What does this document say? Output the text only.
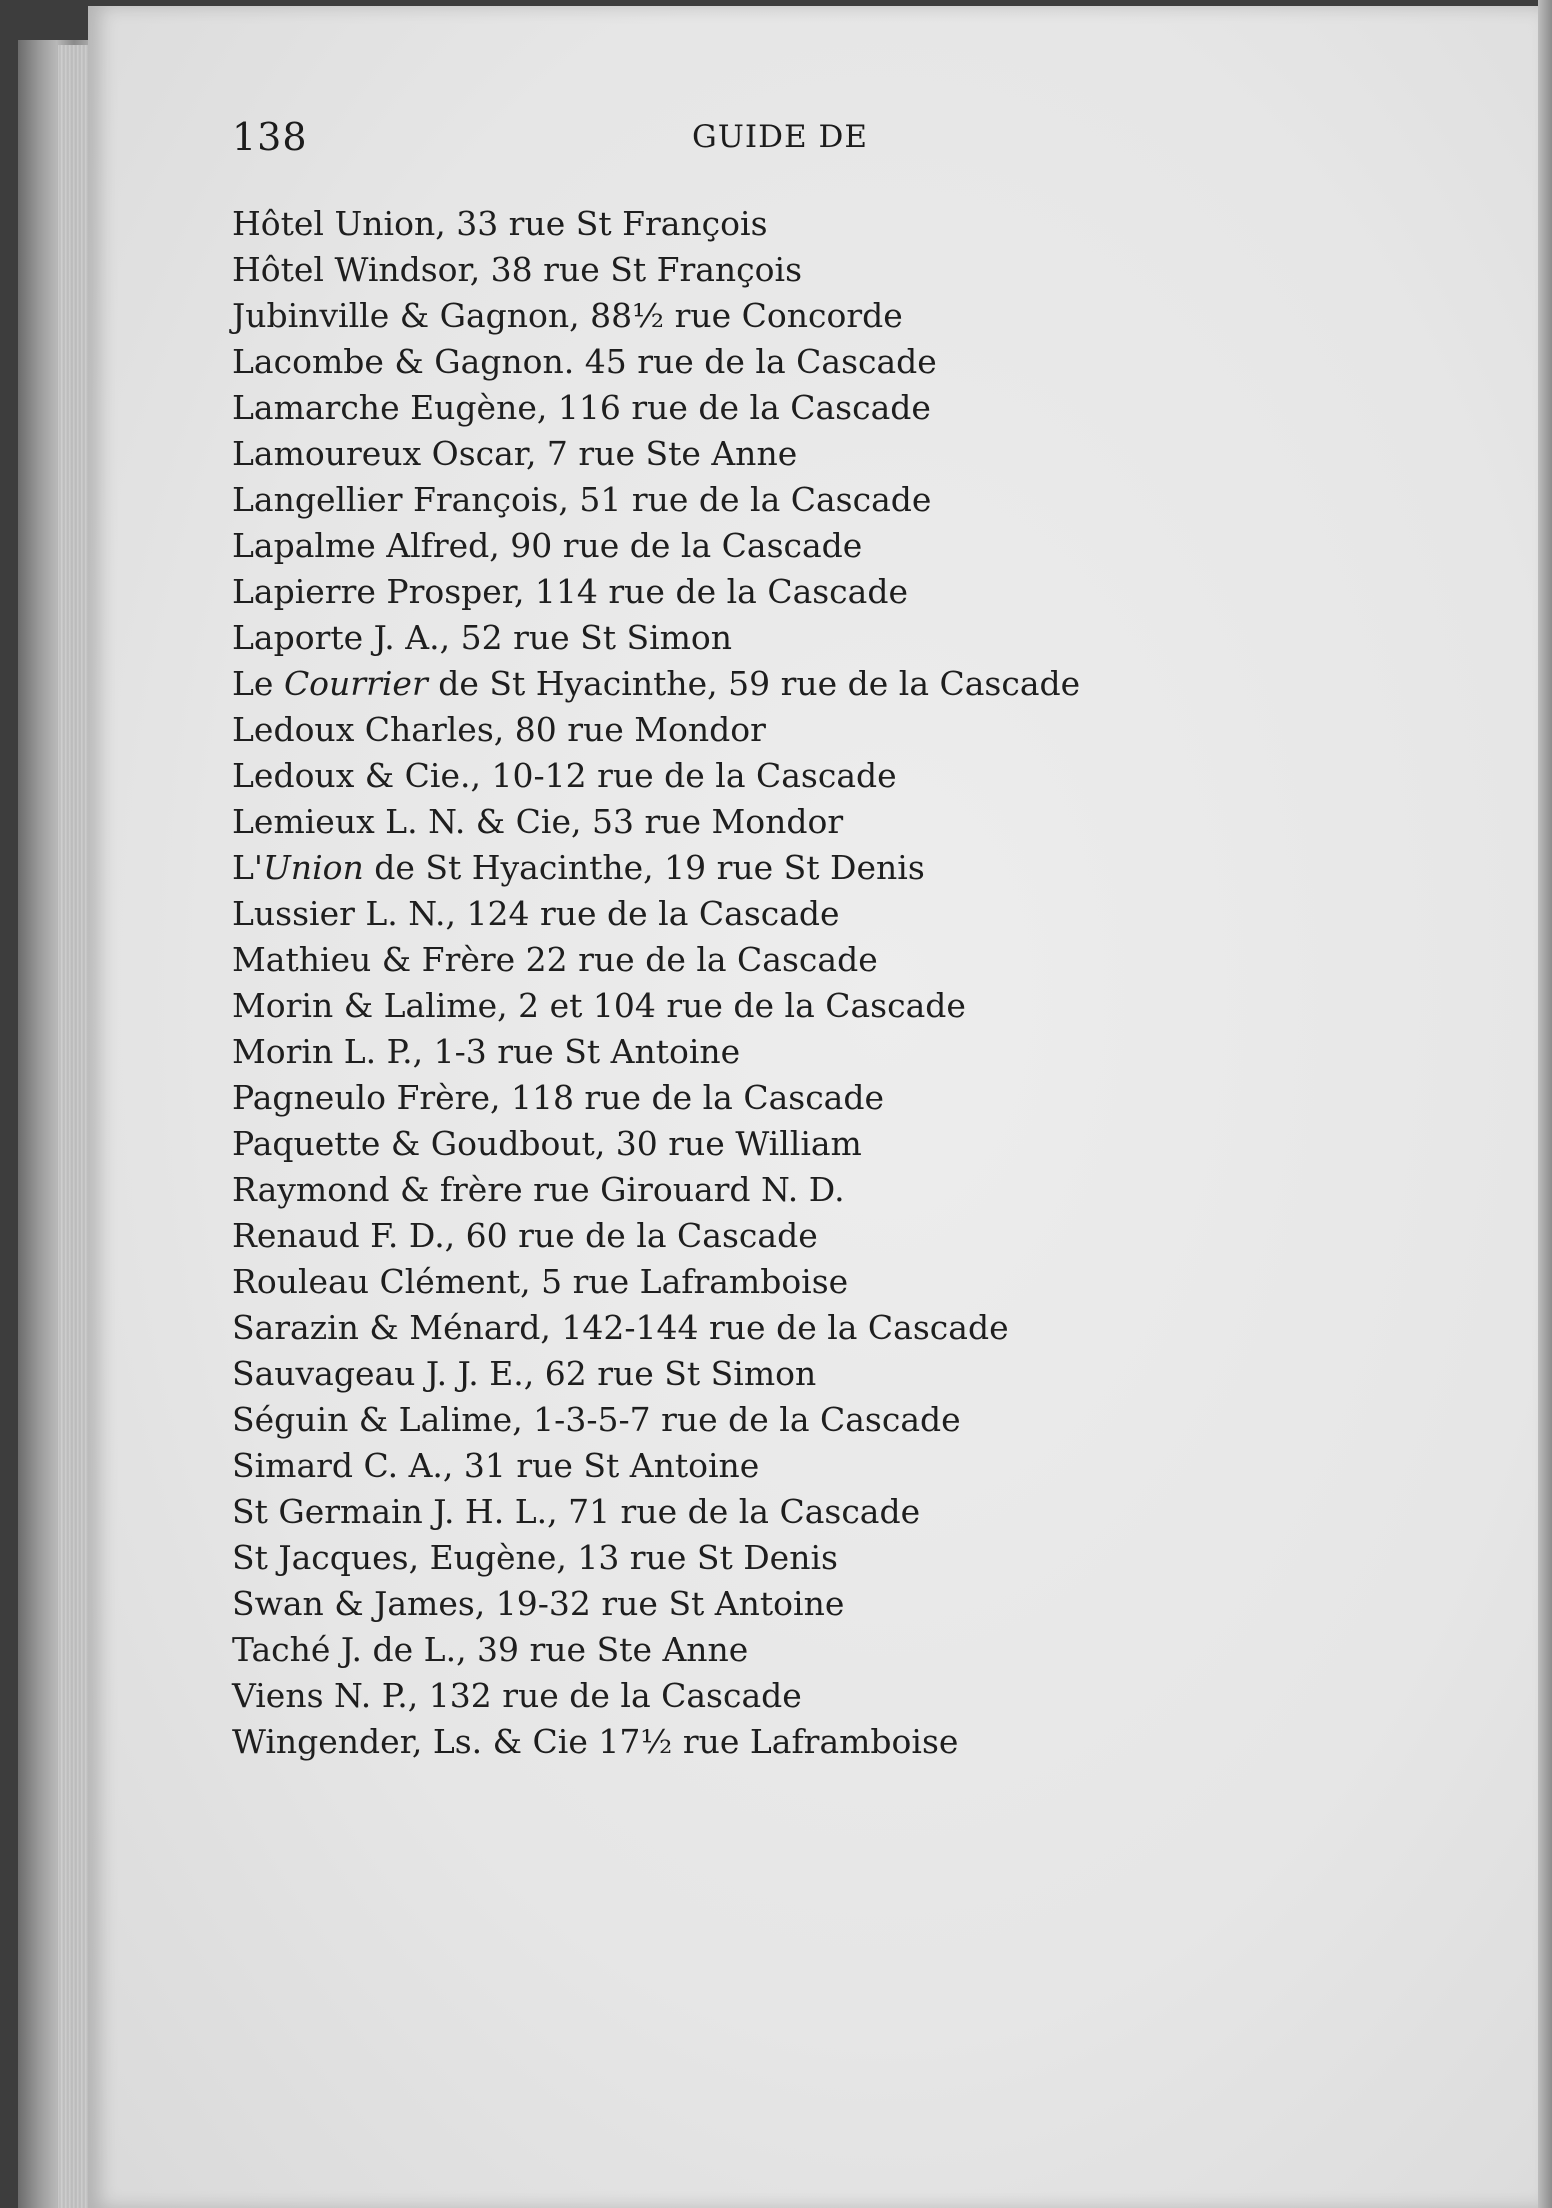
138	GUIDE DE
Hôtel Union, 33 rue St François
Hôtel Windsor, 38 rue St François
Jubinville & Gagnon, 88½ rue Concorde
Lacombe & Gagnon. 45 rue de la Cascade
Lamarche Eugène, 116 rue de la Cascade
Lamoureux Oscar, 7 rue Ste Anne
Langellier François, 51 rue de la Cascade
Lapalme Alfred, 90 rue de la Cascade
Lapierre Prosper, 114 rue de la Cascade
Laporte J. A., 52 rue St Simon
Le Courrier de St Hyacinthe, 59 rue de la Cascade
Ledoux Charles, 80 rue Mondor
Ledoux & Cie., 10-12 rue de la Cascade
Lemieux L. N. & Cie, 53 rue Mondor
L'Union de St Hyacinthe, 19 rue St Denis
Lussier L. N., 124 rue de la Cascade
Mathieu & Frère 22 rue de la Cascade
Morin & Lalime, 2 et 104 rue de la Cascade
Morin L. P., 1-3 rue St Antoine
Pagneulo Frère, 118 rue de la Cascade
Paquette & Goudbout, 30 rue William
Raymond & frère rue Girouard N. D.
Renaud F. D., 60 rue de la Cascade
Rouleau Clément, 5 rue Laframboise
Sarazin & Ménard, 142-144 rue de la Cascade
Sauvageau J. J. E., 62 rue St Simon
Séguin & Lalime, 1-3-5-7 rue de la Cascade
Simard C. A., 31 rue St Antoine
St Germain J. H. L., 71 rue de la Cascade
St Jacques, Eugène, 13 rue St Denis
Swan & James, 19-32 rue St Antoine
Taché J. de L., 39 rue Ste Anne
Viens N. P., 132 rue de la Cascade
Wingender, Ls. & Cie 17½ rue Laframboise
